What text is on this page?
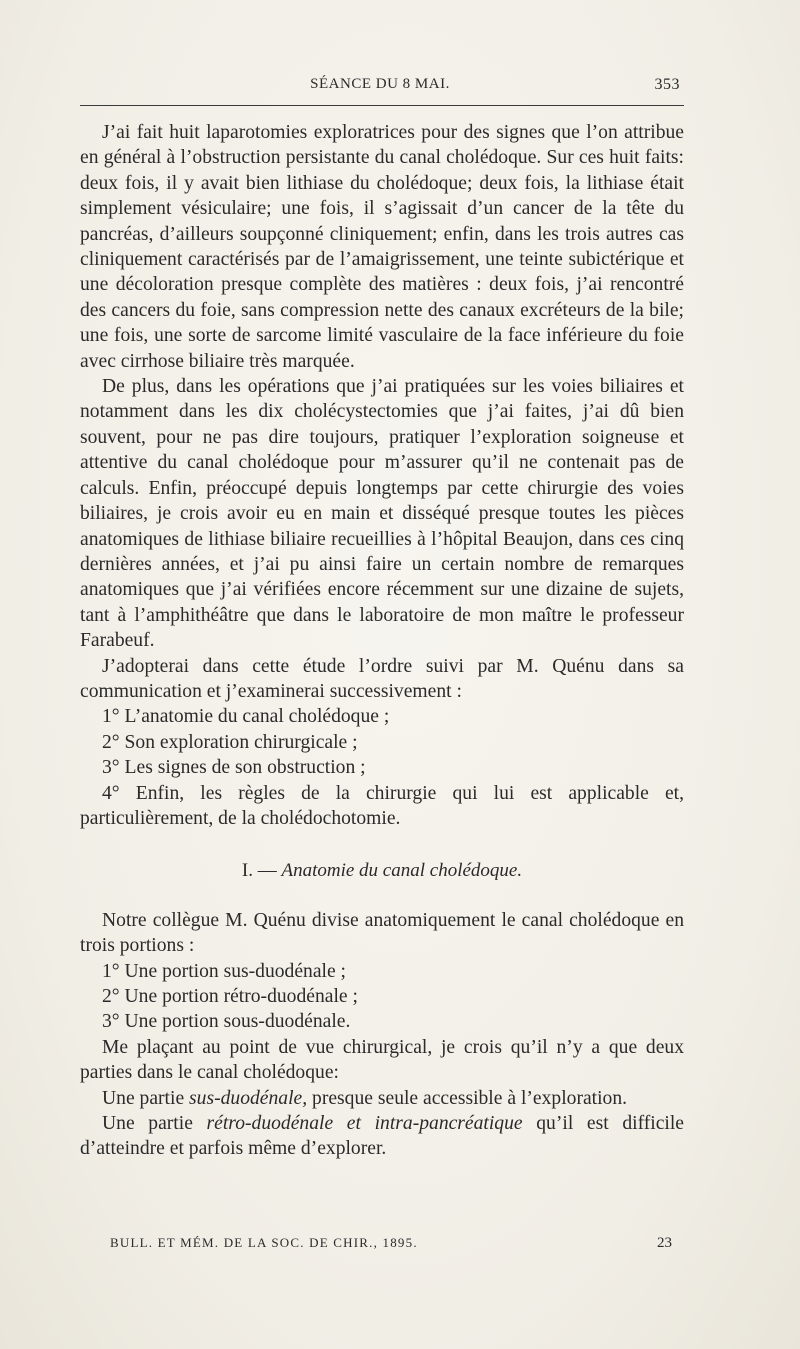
SÉANCE DU 8 MAI.	353

J’ai fait huit laparotomies exploratrices pour des signes que l’on attribue en général à l’obstruction persistante du canal cholédoque. Sur ces huit faits: deux fois, il y avait bien lithiase du cholédoque; deux fois, la lithiase était simplement vésiculaire; une fois, il s’agissait d’un cancer de la tête du pancréas, d’ailleurs soupçonné cliniquement; enfin, dans les trois autres cas cliniquement caractérisés par de l’amaigrissement, une teinte subictérique et une décoloration presque complète des matières : deux fois, j’ai rencontré des cancers du foie, sans compression nette des canaux excréteurs de la bile; une fois, une sorte de sarcome limité vasculaire de la face inférieure du foie avec cirrhose biliaire très marquée.

De plus, dans les opérations que j’ai pratiquées sur les voies biliaires et notamment dans les dix cholécystectomies que j’ai faites, j’ai dû bien souvent, pour ne pas dire toujours, pratiquer l’exploration soigneuse et attentive du canal cholédoque pour m’assurer qu’il ne contenait pas de calculs. Enfin, préoccupé depuis longtemps par cette chirurgie des voies biliaires, je crois avoir eu en main et disséqué presque toutes les pièces anatomiques de lithiase biliaire recueillies à l’hôpital Beaujon, dans ces cinq dernières années, et j’ai pu ainsi faire un certain nombre de remarques anatomiques que j’ai vérifiées encore récemment sur une dizaine de sujets, tant à l’amphithéâtre que dans le laboratoire de mon maître le professeur Farabeuf.

J’adopterai dans cette étude l’ordre suivi par M. Quénu dans sa communication et j’examinerai successivement :

1° L’anatomie du canal cholédoque ;

2° Son exploration chirurgicale ;

3° Les signes de son obstruction ;

4° Enfin, les règles de la chirurgie qui lui est applicable et, particulièrement, de la cholédochotomie.

I. — Anatomie du canal cholédoque.

Notre collègue M. Quénu divise anatomiquement le canal cholédoque en trois portions :

1° Une portion sus-duodénale ;

2° Une portion rétro-duodénale ;

3° Une portion sous-duodénale.

Me plaçant au point de vue chirurgical, je crois qu’il n’y a que deux parties dans le canal cholédoque:

Une partie sus-duodénale, presque seule accessible à l’exploration.

Une partie rétro-duodénale et intra-pancréatique qu’il est difficile d’atteindre et parfois même d’explorer.

BULL. ET MÉM. DE LA SOC. DE CHIR., 1895.	23
